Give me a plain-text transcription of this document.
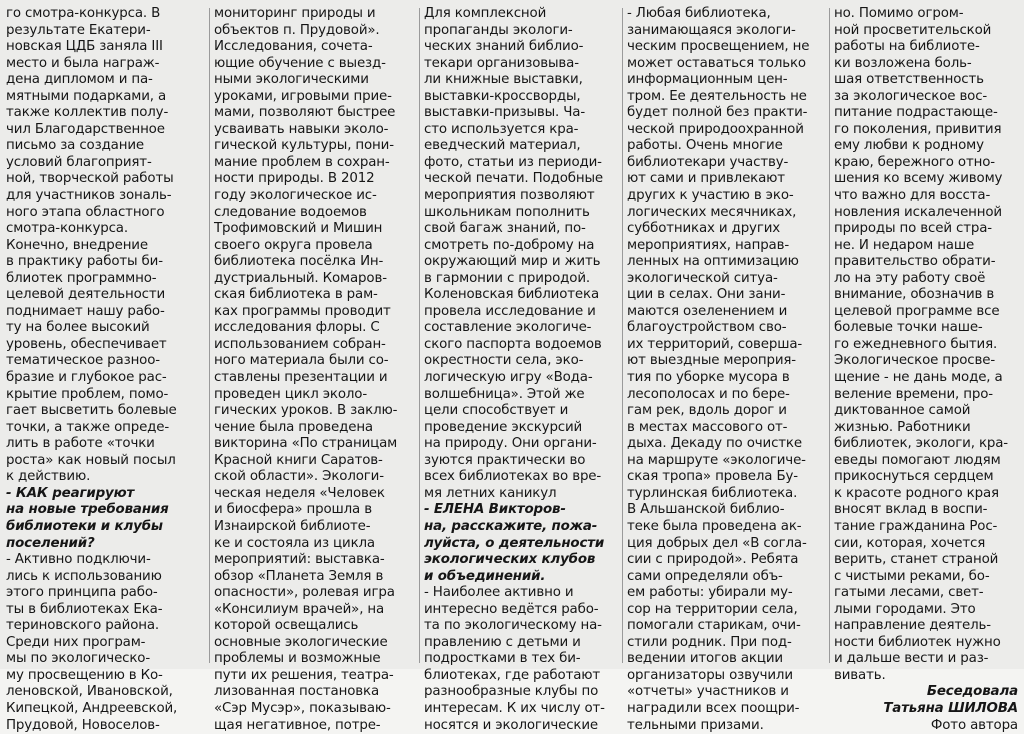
го смотра-конкурса. В
результате Екатери-
новская ЦДБ заняла III
место и была награж-
дена дипломом и па-
мятными подарками, а
также коллектив полу-
чил Благодарственное
письмо за создание
условий благоприят-
ной, творческой работы
для участников зональ-
ного этапа областного
смотра-конкурса.
Конечно, внедрение
в практику работы би-
блиотек программно-
целевой деятельности
поднимает нашу рабо-
ту на более высокий
уровень, обеспечивает
тематическое разноо-
бразие и глубокое рас-
крытие проблем, помо-
гает высветить болевые
точки, а также опреде-
лить в работе «точки
роста» как новый посыл
к действию.
- КАК реагируют
на новые требования
библиотеки и клубы
поселений?
- Активно подключи-
лись к использованию
этого принципа рабо-
ты в библиотеках Ека-
териновского района.
Среди них програм-
мы по экологическо-
му просвещению в Ко-
леновской, Ивановской,
Кипецкой, Андреевской,
Прудовой, Новоселов-
мониторинг природы и
объектов п. Прудовой».
Исследования, сочета-
ющие обучение с выезд-
ными экологическими
уроками, игровыми прие-
мами, позволяют быстрее
усваивать навыки эколо-
гической культуры, пони-
мание проблем в сохран-
ности природы. В 2012
году экологическое ис-
следование водоемов
Трофимовский и Мишин
своего округа провела
библиотека посёлка Ин-
дустриальный. Комаров-
ская библиотека в рам-
ках программы проводит
исследования флоры. С
использованием собран-
ного материала были со-
ставлены презентации и
проведен цикл эколо-
гических уроков. В заклю-
чение была проведена
викторина «По страницам
Красной книги Саратов-
ской области». Экологи-
ческая неделя «Человек
и биосфера» прошла в
Изнаирской библиоте-
ке и состояла из цикла
мероприятий: выставка-
обзор «Планета Земля в
опасности», ролевая игра
«Консилиум врачей», на
которой освещались
основные экологические
проблемы и возможные
пути их решения, театра-
лизованная постановка
«Сэр Мусэр», показываю-
щая негативное, потре-
Для комплексной
пропаганды экологи-
ческих знаний библио-
текари организовыва-
ли книжные выставки,
выставки-кроссворды,
выставки-призывы. Ча-
сто используется кра-
еведческий материал,
фото, статьи из периоди-
ческой печати. Подобные
мероприятия позволяют
школьникам пополнить
свой багаж знаний, по-
смотреть по-доброму на
окружающий мир и жить
в гармонии с природой.
Коленовская библиотека
провела исследование и
составление экологиче-
ского паспорта водоемов
окрестности села, эко-
логическую игру «Вода-
волшебница». Этой же
цели способствует и
проведение экскурсий
на природу. Они органи-
зуются практически во
всех библиотеках во вре-
мя летних каникул
- ЕЛЕНА Викторов-
на, расскажите, пожа-
луйста, о деятельности
экологических клубов
и объединений.
- Наиболее активно и
интересно ведётся рабо-
та по экологическому на-
правлению с детьми и
подростками в тех би-
блиотеках, где работают
разнообразные клубы по
интересам. К их числу от-
носятся и экологические
- Любая библиотека,
занимающаяся экологи-
ческим просвещением, не
может оставаться только
информационным цен-
тром. Ее деятельность не
будет полной без практи-
ческой природоохранной
работы. Очень многие
библиотекари участву-
ют сами и привлекают
других к участию в эко-
логических месячниках,
субботниках и других
мероприятиях, направ-
ленных на оптимизацию
экологической ситуа-
ции в селах. Они зани-
маются озеленением и
благоустройством сво-
их территорий, соверша-
ют выездные мероприя-
тия по уборке мусора в
лесополосах и по бере-
гам рек, вдоль дорог и
в местах массового от-
дыха. Декаду по очистке
на маршруте «экологиче-
ская тропа» провела Бу-
турлинская библиотека.
В Альшанской библио-
теке была проведена ак-
ция добрых дел «В согла-
сии с природой». Ребята
сами определяли объ-
ем работы: убирали му-
сор на территории села,
помогали старикам, очи-
стили родник. При под-
ведении итогов акции
организаторы озвучили
«отчеты» участников и
наградили всех поощри-
тельными призами.
но. Помимо огром-
ной просветительской
работы на библиоте-
ки возложена боль-
шая ответственность
за экологическое вос-
питание подрастающе-
го поколения, привития
ему любви к родному
краю, бережного отно-
шения ко всему живому
что важно для восста-
новления искалеченной
природы по всей стра-
не. И недаром наше
правительство обрати-
ло на эту работу своё
внимание, обозначив в
целевой программе все
болевые точки наше-
го ежедневного бытия.
Экологическое просве-
щение - не дань моде, а
веление времени, про-
диктованное самой
жизнью. Работники
библиотек, экологи, кра-
еведы помогают людям
прикоснуться сердцем
к красоте родного края
вносят вклад в воспи-
тание гражданина Рос-
сии, которая, хочется
верить, станет страной
с чистыми реками, бо-
гатыми лесами, свет-
лыми городами. Это
направление деятель-
ности библиотек нужно
и дальше вести и раз-
вивать.
Беседовала
Татьяна ШИЛОВА
Фото автора
